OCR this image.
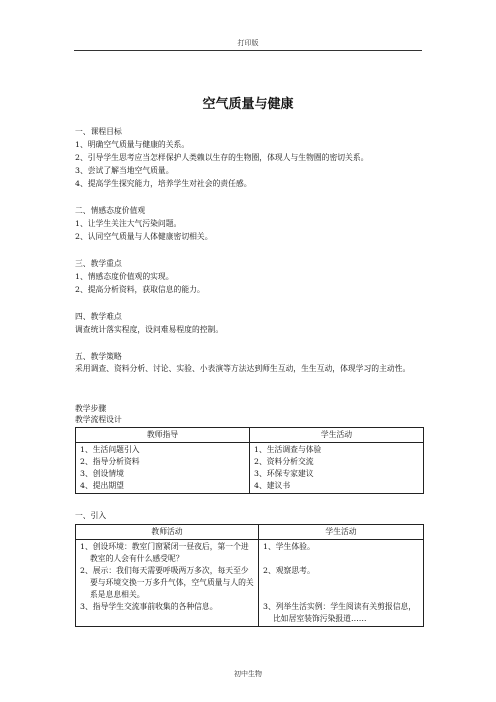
打印版
空气质量与健康
一、课程目标
1、明确空气质量与健康的关系。
2、引导学生思考应当怎样保护人类赖以生存的生物圈，体现人与生物圈的密切关系。
3、尝试了解当地空气质量。
4、提高学生探究能力，培养学生对社会的责任感。
二、情感态度价值观
1、让学生关注大气污染问题。
2、认同空气质量与人体健康密切相关。
三、教学重点
1、情感态度价值观的实现。
2、提高分析资料，获取信息的能力。
四、教学难点
调查统计落实程度，设问难易程度的控制。
五、教学策略
采用调查、资料分析、讨论、实验、小表演等方法达到师生互动，生生互动，体现学习的主动性。
教学步骤
教学流程设计
教师指导	学生活动

1、生活问题引入
2、指导分析资料
3、创设情境
4、提出期望	1、生活调查与体验
2、资料分析交流
3、环保专家建议
4、建议书
一、引入
教师活动	学生活动

1、创设环境：教室门窗紧闭一昼夜后，第一个进教室的人会有什么感受呢？
2、展示：我们每天需要呼吸两万多次，每天至少要与环境交换一万多升气体，空气质量与人的关系是息息相关。
3、指导学生交流事前收集的各种信息。	1、学生体验。
2、观察思考。
3、列举生活实例：学生阅读有关剪报信息，比如居室装饰污染报道……
初中生物
